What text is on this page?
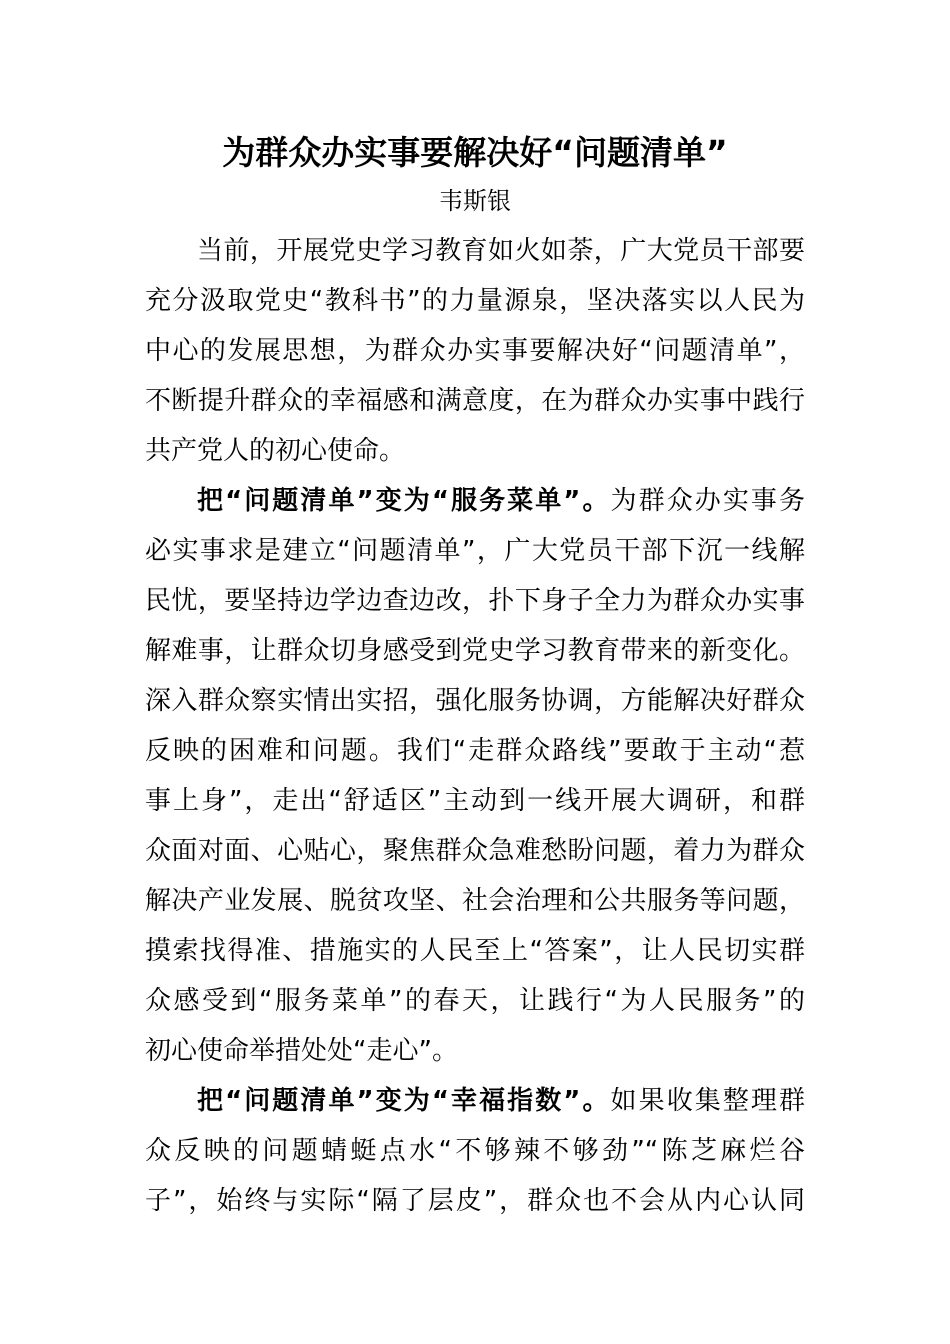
为群众办实事要解决好“问题清单”
韦斯银
当前，开展党史学习教育如火如荼，广大党员干部要
充分汲取党史“教科书”的力量源泉，坚决落实以人民为
中心的发展思想，为群众办实事要解决好“问题清单”，
不断提升群众的幸福感和满意度，在为群众办实事中践行
共产党人的初心使命。
把“问题清单”变为“服务菜单”。为群众办实事务
必实事求是建立“问题清单”，广大党员干部下沉一线解
民忧，要坚持边学边查边改，扑下身子全力为群众办实事
解难事，让群众切身感受到党史学习教育带来的新变化。
深入群众察实情出实招，强化服务协调，方能解决好群众
反映的困难和问题。我们“走群众路线”要敢于主动“惹
事上身”，走出“舒适区”主动到一线开展大调研，和群
众面对面、心贴心，聚焦群众急难愁盼问题，着力为群众
解决产业发展、脱贫攻坚、社会治理和公共服务等问题，
摸索找得准、措施实的人民至上“答案”，让人民切实群
众感受到“服务菜单”的春天，让践行“为人民服务”的
初心使命举措处处“走心”。
把“问题清单”变为“幸福指数”。如果收集整理群
众反映的问题蜻蜓点水“不够辣不够劲”“陈芝麻烂谷
子”，始终与实际“隔了层皮”，群众也不会从内心认同
